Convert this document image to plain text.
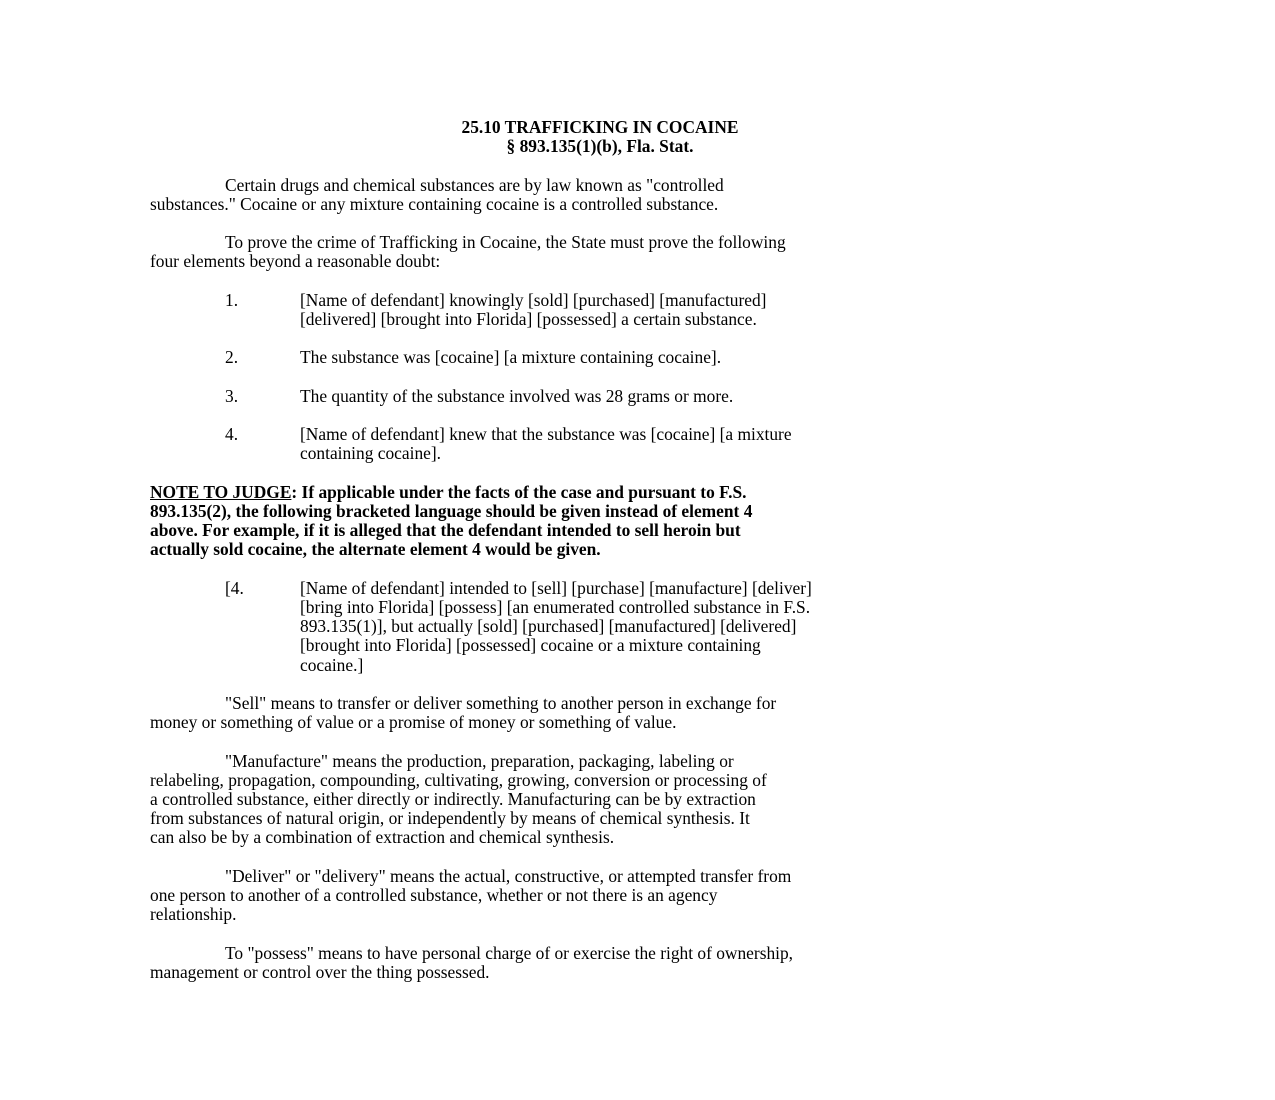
25.10 TRAFFICKING IN COCAINE
§ 893.135(1)(b), Fla. Stat.

Certain drugs and chemical substances are by law known as "controlled
substances." Cocaine or any mixture containing cocaine is a controlled substance.

To prove the crime of Trafficking in Cocaine, the State must prove the following
four elements beyond a reasonable doubt:

1.	[Name of defendant] knowingly [sold] [purchased] [manufactured]
[delivered] [brought into Florida] [possessed] a certain substance.
2.	The substance was [cocaine] [a mixture containing cocaine].
3.	The quantity of the substance involved was 28 grams or more.
4.	[Name of defendant] knew that the substance was [cocaine] [a mixture
containing cocaine].

NOTE TO JUDGE: If applicable under the facts of the case and pursuant to F.S.
893.135(2), the following bracketed language should be given instead of element 4
above. For example, if it is alleged that the defendant intended to sell heroin but
actually sold cocaine, the alternate element 4 would be given.

[4.	[Name of defendant] intended to [sell] [purchase] [manufacture] [deliver]
[bring into Florida] [possess] [an enumerated controlled substance in F.S.
893.135(1)], but actually [sold] [purchased] [manufactured] [delivered]
[brought into Florida] [possessed] cocaine or a mixture containing
cocaine.]

"Sell" means to transfer or deliver something to another person in exchange for
money or something of value or a promise of money or something of value.

"Manufacture" means the production, preparation, packaging, labeling or
relabeling, propagation, compounding, cultivating, growing, conversion or processing of
a controlled substance, either directly or indirectly. Manufacturing can be by extraction
from substances of natural origin, or independently by means of chemical synthesis. It
can also be by a combination of extraction and chemical synthesis.

"Deliver" or "delivery" means the actual, constructive, or attempted transfer from
one person to another of a controlled substance, whether or not there is an agency
relationship.

To "possess" means to have personal charge of or exercise the right of ownership,
management or control over the thing possessed.
